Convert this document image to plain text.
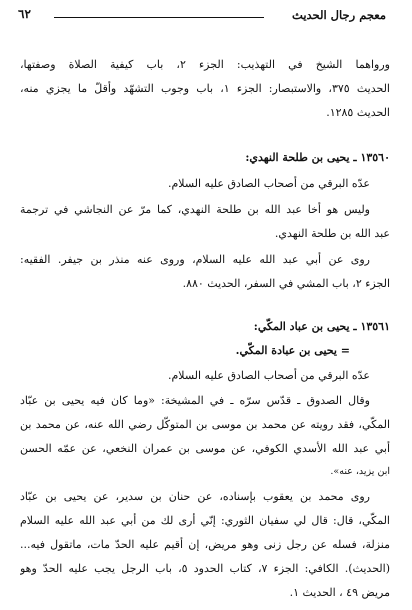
معجم رجال الحديث
٦٢
ورواهما الشيخ في التهذيب: الجزء ٢، باب كيفية الصلاة وصفتها،
الحديث ٣٧٥، والاستبصار: الجزء ١، باب وجوب التشهّد وأقلّ ما يجزي منه،
الحديث ١٢٨٥.
١٣٥٦٠ ـ يحيى بن طلحة النهدي:
عدّه البرقي من أصحاب الصادق عليه السلام.
وليس هو أخا عبد الله بن طلحة النهدي، كما مرّ عن النجاشي في ترجمة
عبد الله بن طلحة النهدي.
روى عن أبي عبد الله عليه السلام، وروى عنه منذر بن جيفر. الفقيه:
الجزء ٢، باب المشي في السفر، الحديث ٨٨٠.
١٣٥٦١ ـ يحيى بن عباد المكّي:
= يحيى بن عبادة المكّي.
عدّه البرقي من أصحاب الصادق عليه السلام.
وقال الصدوق ـ قدّس سرّه ـ في المشيخة: «وما كان فيه يحيى بن عبّاد
المكّي، فقد رويته عن محمد بن موسى بن المتوكّل رضي الله عنه، عن محمد بن
أبي عبد الله الأسدي الكوفي، عن موسى بن عمران النخعي، عن عمّه الحسن
ابن يزيد، عنه».
روى محمد بن يعقوب بإسناده، عن حنان بن سدير، عن يحيى بن عبّاد
المكّي، قال: قال لي سفيان الثوري: إنّي أرى لك من أبي عبد الله عليه السلام
منزلة، فسله عن رجل زنى وهو مريض، إن أقيم عليه الحدّ مات، ماتقول فيه...
(الحديث). الكافي: الجزء ٧، كتاب الحدود ٥، باب الرجل يجب عليه الحدّ وهو
مريض ٤٩ ، الحديث ١.
